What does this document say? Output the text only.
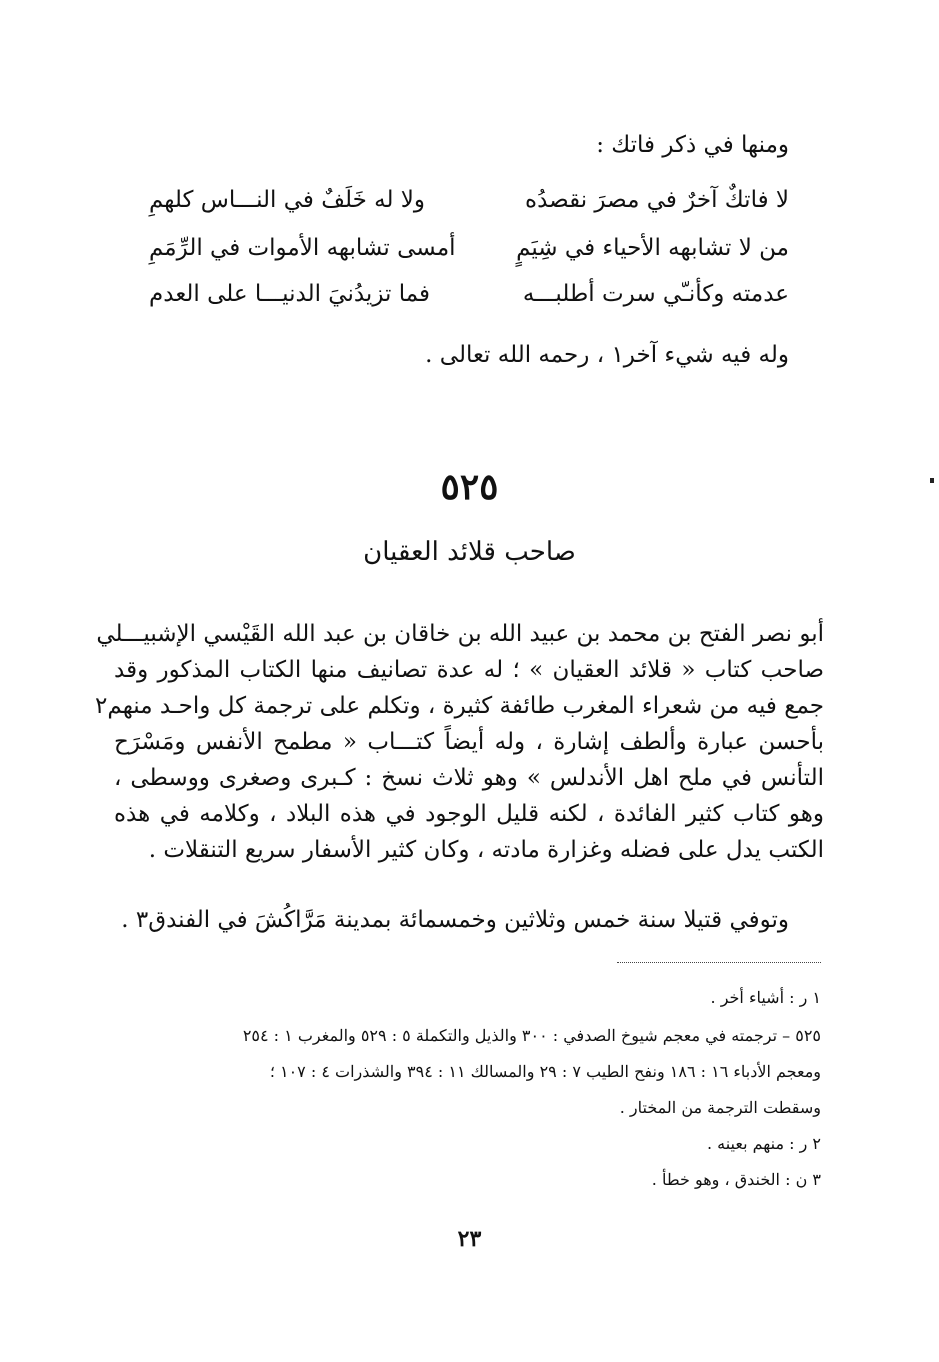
ومنها في ذكر فاتك :
لا فاتكٌ آخرٌ في مصرَ نقصدُه
ولا له خَلَفٌ في النـــاس كلهمِ
من لا تشابهه الأحياء في شِيَمٍ
أمسى تشابهه الأموات في الرِّمَمِ
عدمته وكأنـّي سرت أطلبـــه
فما تزيدُنيَ الدنيـــا على العدم
وله فيه شيء آخر١ ، رحمه الله تعالى .
٥٢٥
صاحب قلائد العقيان
أبو نصر الفتح بن محمد بن عبيد الله بن خاقان بن عبد الله القَيْسي الإشبيـــلي
صاحب كتاب « قلائد العقيان » ؛ له عدة تصانيف منها الكتاب المذكور وقد
جمع فيه من شعراء المغرب طائفة كثيرة ، وتكلم على ترجمة كل واحـد منهم٢
بأحسن عبارة وألطف إشارة ، وله أيضاً كتـــاب « مطمح الأنفس ومَسْرَح
التأنس في ملح اهل الأندلس » وهو ثلاث نسخ : كـبرى وصغرى ووسطى ،
وهو كتاب كثير الفائدة ، لكنه قليل الوجود في هذه البلاد ، وكلامه في هذه
الكتب يدل على فضله وغزارة مادته ، وكان كثير الأسفار سريع التنقلات .
وتوفي قتيلا سنة خمس وثلاثين وخمسمائة بمدينة مَرَّاكُشَ في الفندق٣ .
١ ر : أشياء أخر .
٥٢٥ – ترجمته في معجم شيوخ الصدفي : ٣٠٠ والذيل والتكملة ٥ : ٥٢٩ والمغرب ١ : ٢٥٤
ومعجم الأدباء ١٦ : ١٨٦ ونفح الطيب ٧ : ٢٩ والمسالك ١١ : ٣٩٤ والشذرات ٤ : ١٠٧ ؛
وسقطت الترجمة من المختار .
٢ ر : منهم بعينه .
٣ ن : الخندق ، وهو خطأ .
٢٣
